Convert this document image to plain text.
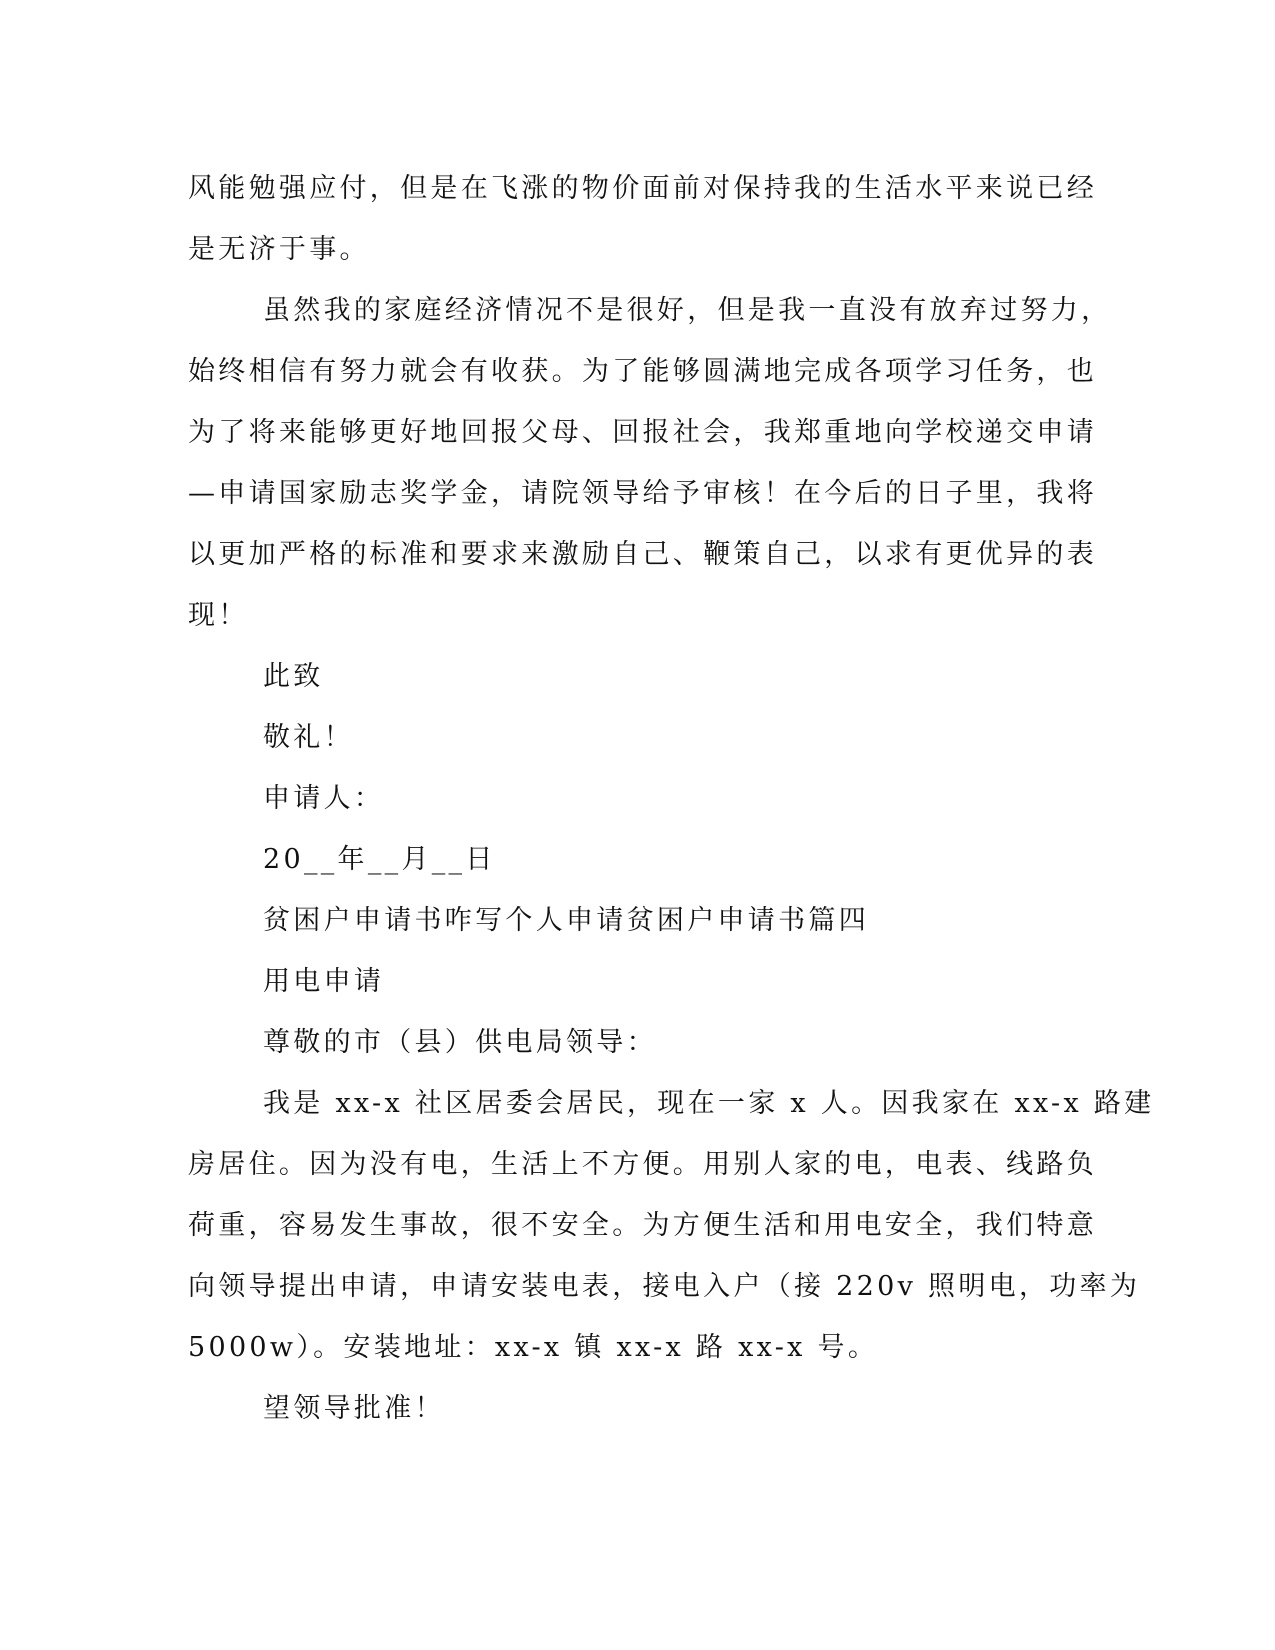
风能勉强应付，但是在飞涨的物价面前对保持我的生活水平来说已经
是无济于事。
虽然我的家庭经济情况不是很好，但是我一直没有放弃过努力，
始终相信有努力就会有收获。为了能够圆满地完成各项学习任务，也
为了将来能够更好地回报父母、回报社会，我郑重地向学校递交申请
—申请国家励志奖学金，请院领导给予审核！在今后的日子里，我将
以更加严格的标准和要求来激励自己、鞭策自己，以求有更优异的表
现！
此致
敬礼！
申请人：
20__年__月__日
贫困户申请书咋写个人申请贫困户申请书篇四
用电申请
尊敬的市（县）供电局领导：
我是 xx-x 社区居委会居民，现在一家 x 人。因我家在 xx-x 路建
房居住。因为没有电，生活上不方便。用别人家的电，电表、线路负
荷重，容易发生事故，很不安全。为方便生活和用电安全，我们特意
向领导提出申请，申请安装电表，接电入户（接 220v 照明电，功率为
5000w）。安装地址：xx-x 镇 xx-x 路 xx-x 号。
望领导批准！
